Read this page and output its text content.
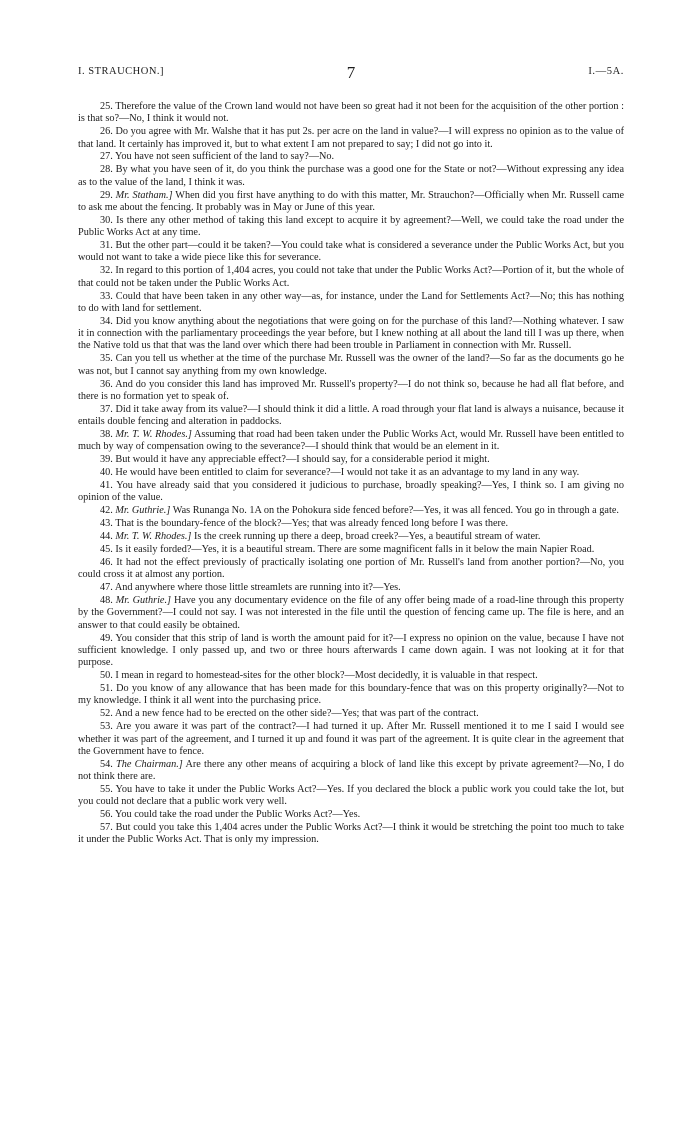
I. STRAUCHON.]	7	I.—5A.

25. Therefore the value of the Crown land would not have been so great had it not been for the acquisition of the other portion : is that so?—No, I think it would not.

26. Do you agree with Mr. Walshe that it has put 2s. per acre on the land in value?—I will express no opinion as to the value of that land. It certainly has improved it, but to what extent I am not prepared to say; I did not go into it.

27. You have not seen sufficient of the land to say?—No.

28. By what you have seen of it, do you think the purchase was a good one for the State or not?—Without expressing any idea as to the value of the land, I think it was.

29. Mr. Statham.] When did you first have anything to do with this matter, Mr. Strauchon?—Officially when Mr. Russell came to ask me about the fencing. It probably was in May or June of this year.

30. Is there any other method of taking this land except to acquire it by agreement?—Well, we could take the road under the Public Works Act at any time.

31. But the other part—could it be taken?—You could take what is considered a severance under the Public Works Act, but you would not want to take a wide piece like this for severance.

32. In regard to this portion of 1,404 acres, you could not take that under the Public Works Act?—Portion of it, but the whole of that could not be taken under the Public Works Act.

33. Could that have been taken in any other way—as, for instance, under the Land for Settlements Act?—No; this has nothing to do with land for settlement.

34. Did you know anything about the negotiations that were going on for the purchase of this land?—Nothing whatever. I saw it in connection with the parliamentary proceedings the year before, but I knew nothing at all about the land till I was up there, when the Native told us that that was the land over which there had been trouble in Parliament in connection with Mr. Russell.

35. Can you tell us whether at the time of the purchase Mr. Russell was the owner of the land?—So far as the documents go he was not, but I cannot say anything from my own knowledge.

36. And do you consider this land has improved Mr. Russell's property?—I do not think so, because he had all flat before, and there is no formation yet to speak of.

37. Did it take away from its value?—I should think it did a little. A road through your flat land is always a nuisance, because it entails double fencing and alteration in paddocks.

38. Mr. T. W. Rhodes.] Assuming that road had been taken under the Public Works Act, would Mr. Russell have been entitled to much by way of compensation owing to the severance?—I should think that would be an element in it.

39. But would it have any appreciable effect?—I should say, for a considerable period it might.

40. He would have been entitled to claim for severance?—I would not take it as an advantage to my land in any way.

41. You have already said that you considered it judicious to purchase, broadly speaking?—Yes, I think so. I am giving no opinion of the value.

42. Mr. Guthrie.] Was Runanga No. 1A on the Pohokura side fenced before?—Yes, it was all fenced. You go in through a gate.

43. That is the boundary-fence of the block?—Yes; that was already fenced long before I was there.

44. Mr. T. W. Rhodes.] Is the creek running up there a deep, broad creek?—Yes, a beautiful stream of water.

45. Is it easily forded?—Yes, it is a beautiful stream. There are some magnificent falls in it below the main Napier Road.

46. It had not the effect previously of practically isolating one portion of Mr. Russell's land from another portion?—No, you could cross it at almost any portion.

47. And anywhere where those little streamlets are running into it?—Yes.

48. Mr. Guthrie.] Have you any documentary evidence on the file of any offer being made of a road-line through this property by the Government?—I could not say. I was not interested in the file until the question of fencing came up. The file is here, and an answer to that could easily be obtained.

49. You consider that this strip of land is worth the amount paid for it?—I express no opinion on the value, because I have not sufficient knowledge. I only passed up, and two or three hours afterwards I came down again. I was not looking at it for that purpose.

50. I mean in regard to homestead-sites for the other block?—Most decidedly, it is valuable in that respect.

51. Do you know of any allowance that has been made for this boundary-fence that was on this property originally?—Not to my knowledge. I think it all went into the purchasing price.

52. And a new fence had to be erected on the other side?—Yes; that was part of the contract.

53. Are you aware it was part of the contract?—I had turned it up. After Mr. Russell mentioned it to me I said I would see whether it was part of the agreement, and I turned it up and found it was part of the agreement. It is quite clear in the agreement that the Government have to fence.

54. The Chairman.] Are there any other means of acquiring a block of land like this except by private agreement?—No, I do not think there are.

55. You have to take it under the Public Works Act?—Yes. If you declared the block a public work you could take the lot, but you could not declare that a public work very well.

56. You could take the road under the Public Works Act?—Yes.

57. But could you take this 1,404 acres under the Public Works Act?—I think it would be stretching the point too much to take it under the Public Works Act. That is only my impression.
